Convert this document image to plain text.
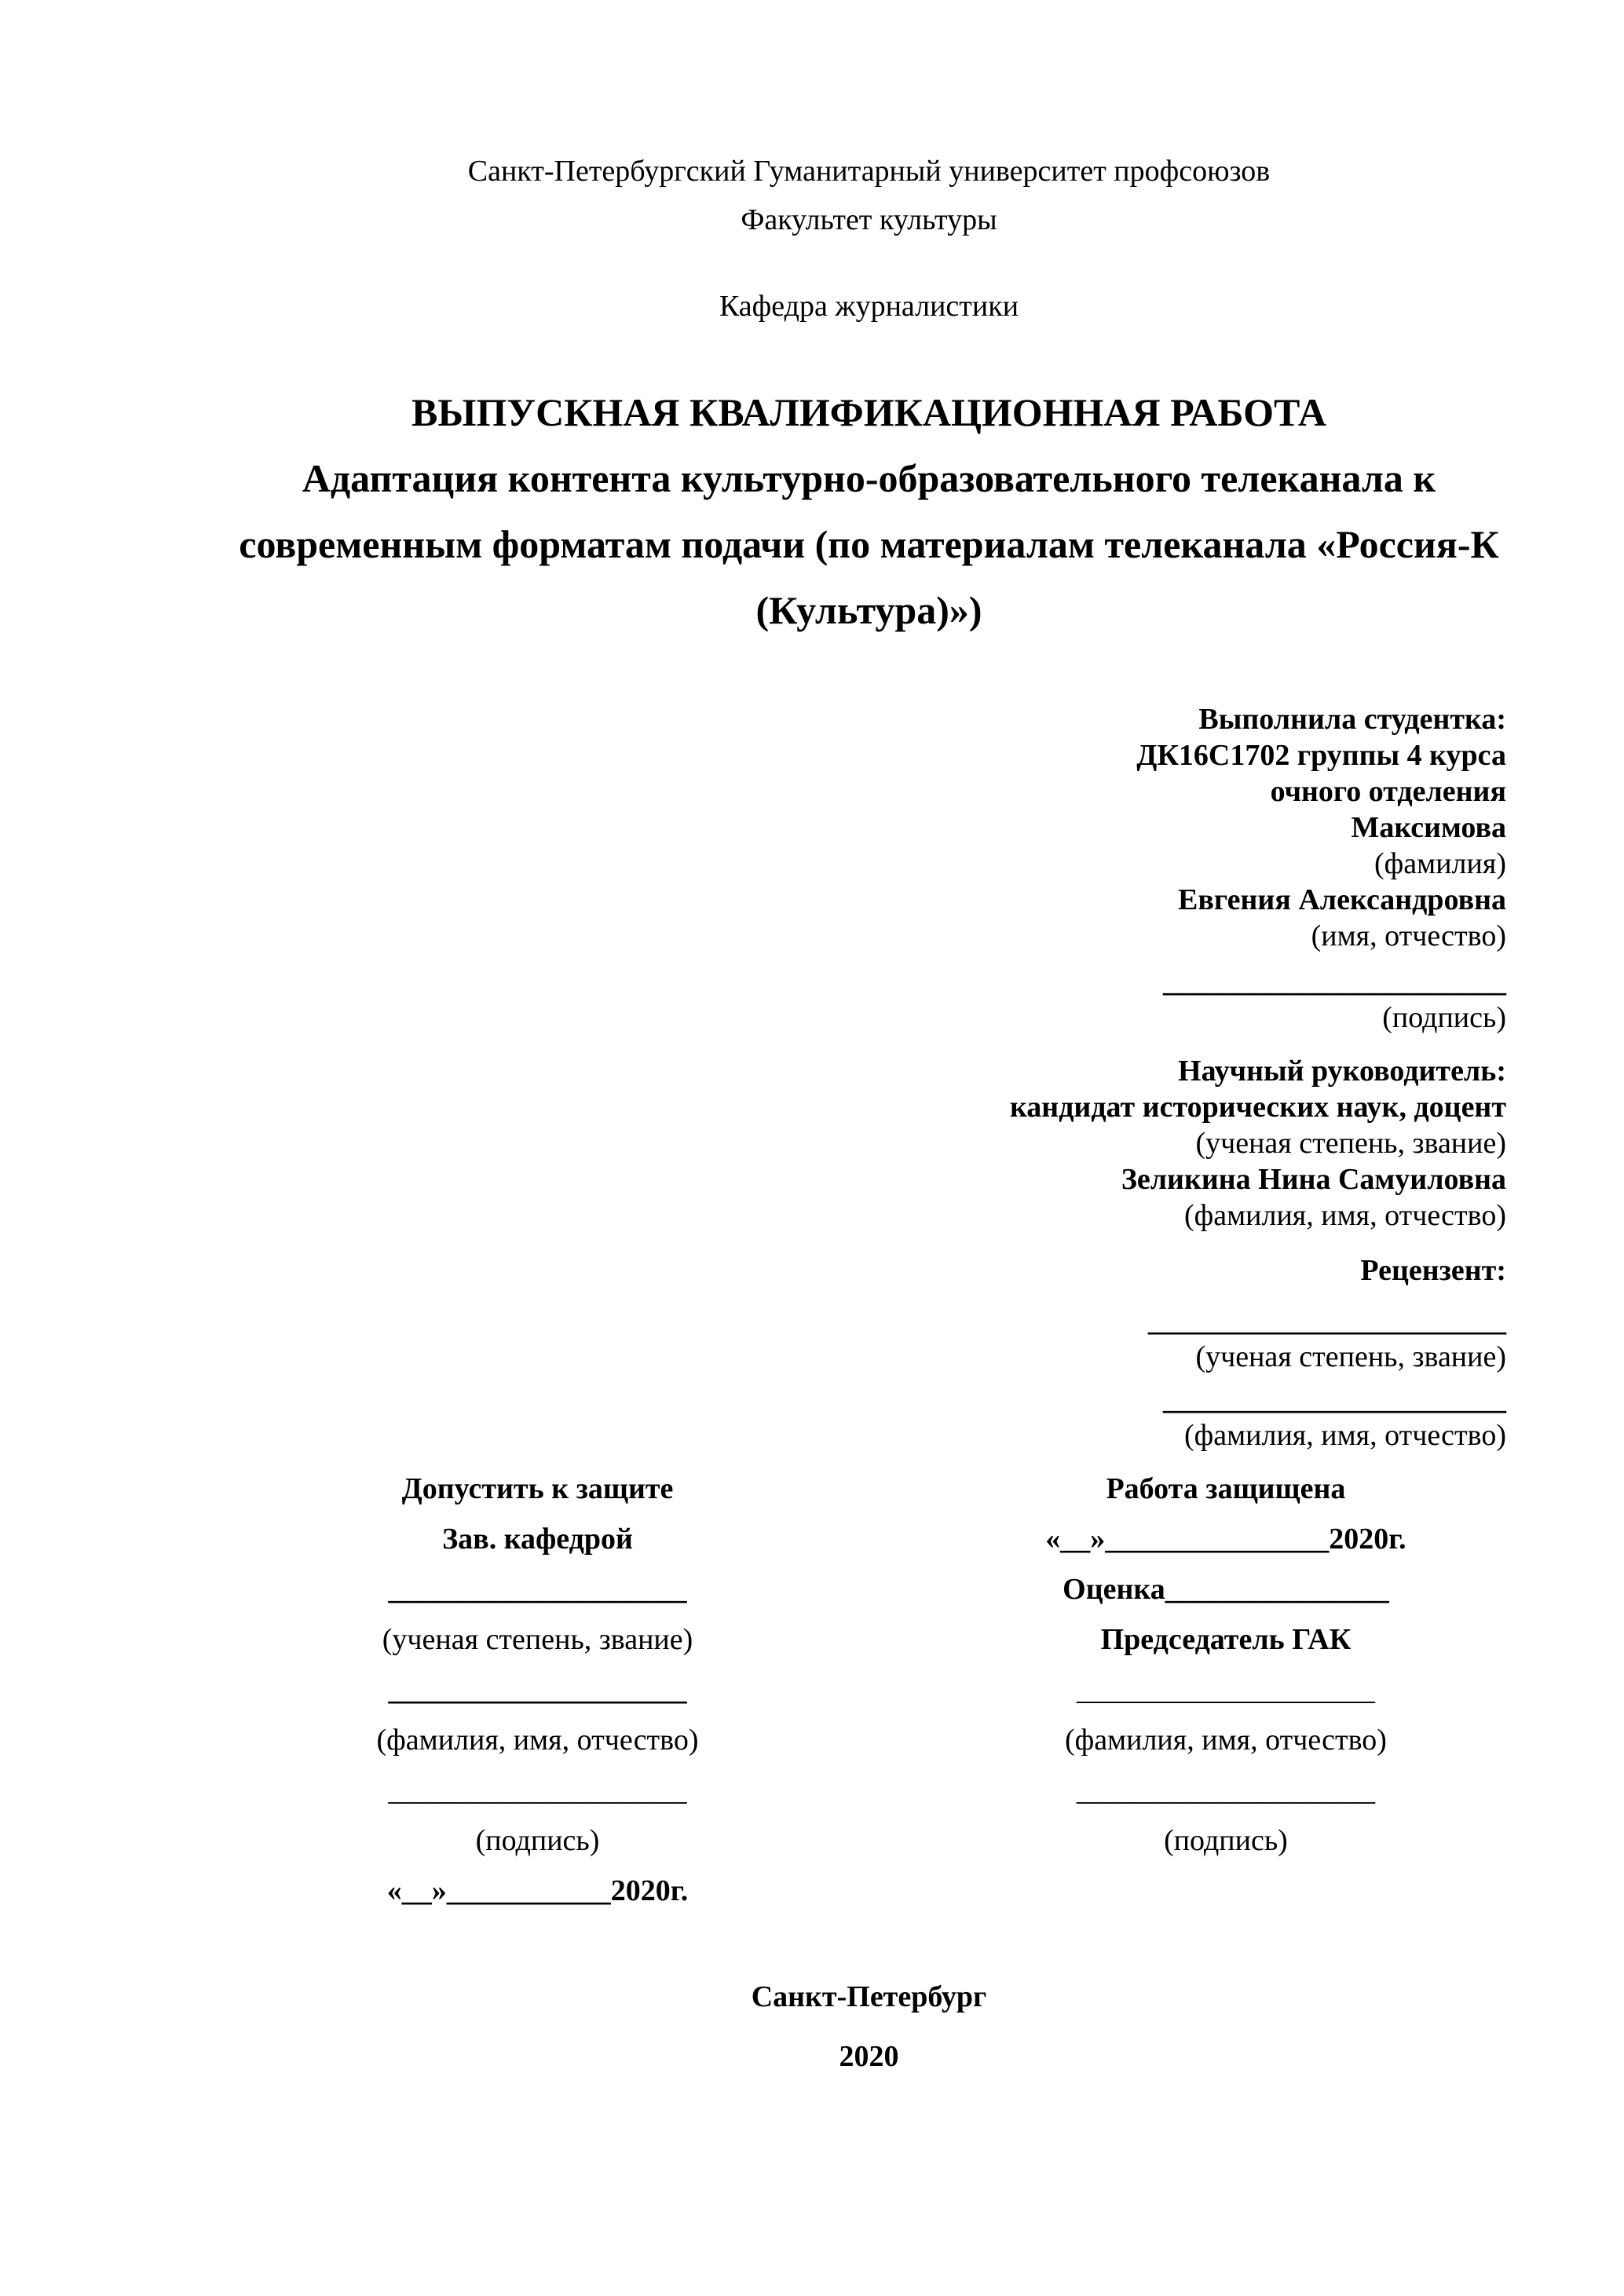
Санкт-Петербургский Гуманитарный университет профсоюзов
Факультет культуры
Кафедра журналистики
ВЫПУСКНАЯ КВАЛИФИКАЦИОННАЯ РАБОТА
Адаптация контента культурно-образовательного телеканала к современным форматам подачи (по материалам телеканала «Россия-К (Культура)»)
Выполнила студентка:
ДК16С1702 группы 4 курса
очного отделения
Максимова
(фамилия)
Евгения Александровна
(имя, отчество)
_______________________
(подпись)
Научный руководитель:
кандидат исторических наук, доцент
(ученая степень, звание)
Зеликина Нина Самуиловна
(фамилия, имя, отчество)
Рецензент:
________________________
(ученая степень, звание)
_______________________
(фамилия, имя, отчество)
Допустить к защите
Зав. кафедрой
____________________
(ученая степень, звание)
____________________
(фамилия, имя, отчество)
____________________
(подпись)
«__»___________2020г.
Работа защищена
«__»_______________2020г.
Оценка_______________
Председатель ГАК
____________________
(фамилия, имя, отчество)
____________________
(подпись)
Санкт-Петербург
2020
